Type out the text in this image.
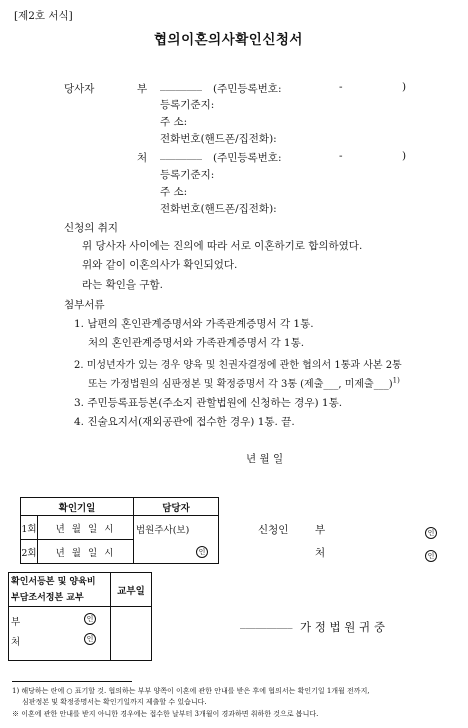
[제2호 서식]
협의이혼의사확인신청서
당사자	부 ________ (주민등록번호:	-	)
등록기준지:
주 소:
전화번호(핸드폰/집전화):
처 ________ (주민등록번호:	-	)
등록기준지:
주 소:
전화번호(핸드폰/집전화):
신청의 취지
위 당사자 사이에는 진의에 따라 서로 이혼하기로 합의하였다.
위와 같이 이혼의사가 확인되었다.
라는 확인을 구함.
첨부서류
1. 남편의 혼인관계증명서와 가족관계증명서 각 1통.
처의 혼인관계증명서와 가족관계증명서 각 1통.
2. 미성년자가 있는 경우 양육 및 친권자결정에 관한 협의서 1통과 사본 2통
또는 가정법원의 심판정본 및 확정증명서 각 3통 (제출___, 미제출___)$^{1)}$
3. 주민등록표등본(주소지 관할법원에 신청하는 경우) 1통.
4. 진술요지서(재외공관에 접수한 경우) 1통. 끝.
년 월 일
확인기일		담당자
1회	년 월 일 시	법원주사(보)
인

2회	년 월 일 시	
신청인	부	인
처	인
확인서등본 및 양육비
부담조서정본 교부	교부일

부 인
처 인	

__________ 가 정 법 원 귀 중
1) 해당하는 란에 ○ 표기할 것. 협의하는 부부 양쪽이 이혼에 관한 안내를 받은 후에 협의서는 확인기일 1개월 전까지,
심판정본 및 확정증명서는 확인기일까지 제출할 수 있습니다.
※ 이혼에 관한 안내를 받지 아니한 경우에는 접수한 날부터 3개월이 경과하면 취하한 것으로 봅니다.
